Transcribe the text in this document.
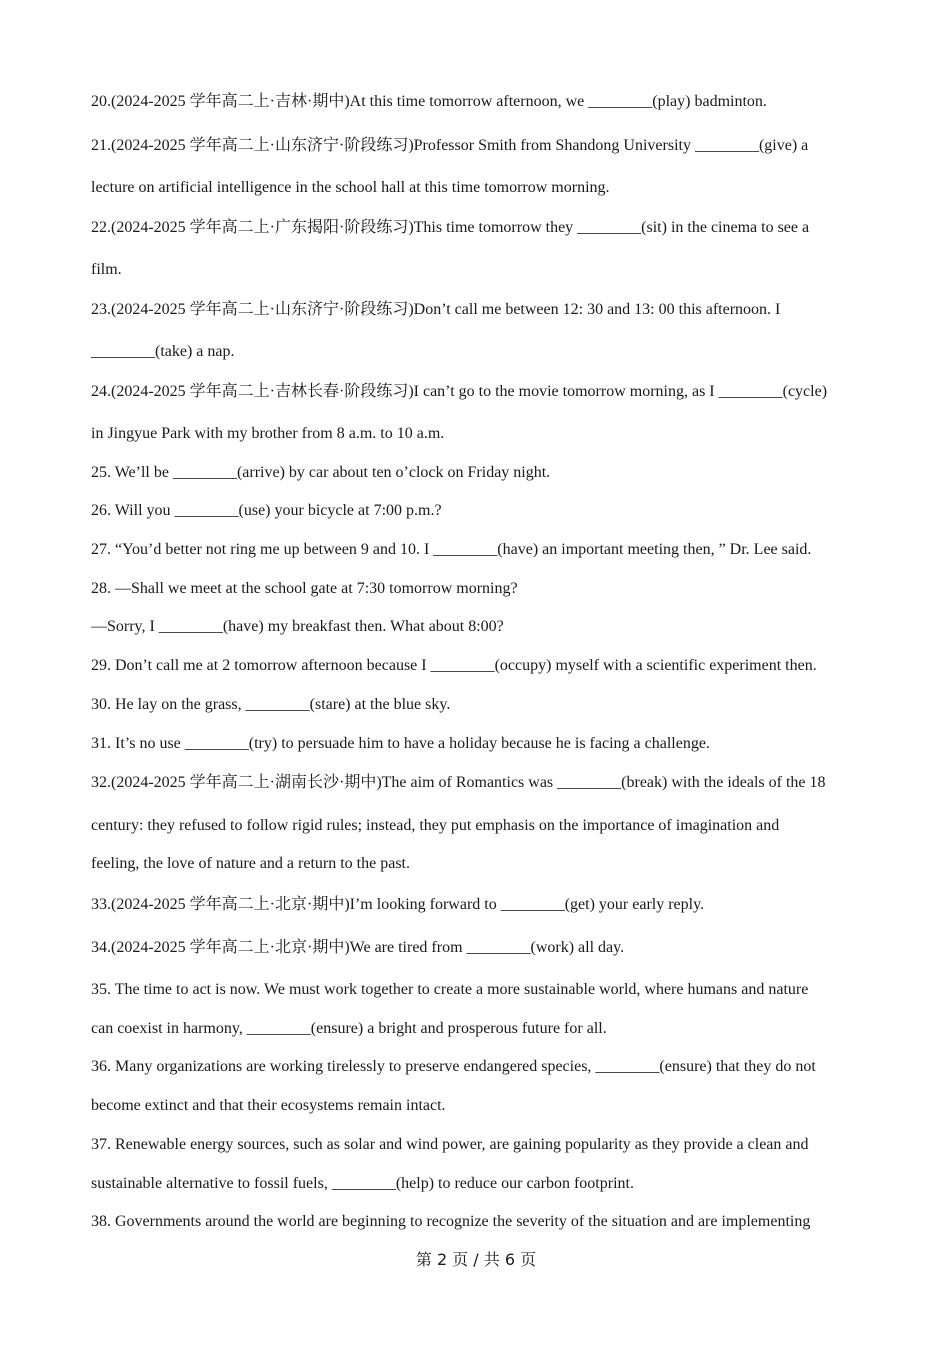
20.(2024-2025 学年高二上·吉林·期中)At this time tomorrow afternoon, we ________(play) badminton.
21.(2024-2025 学年高二上·山东济宁·阶段练习)Professor Smith from Shandong University ________(give) a
lecture on artificial intelligence in the school hall at this time tomorrow morning.
22.(2024-2025 学年高二上·广东揭阳·阶段练习)This time tomorrow they ________(sit) in the cinema to see a
film.
23.(2024-2025 学年高二上·山东济宁·阶段练习)Don’t call me between 12: 30 and 13: 00 this afternoon. I
________(take) a nap.
24.(2024-2025 学年高二上·吉林长春·阶段练习)I can’t go to the movie tomorrow morning, as I ________(cycle)
in Jingyue Park with my brother from 8 a.m. to 10 a.m.
25. We’ll be ________(arrive) by car about ten o’clock on Friday night.
26. Will you ________(use) your bicycle at 7:00 p.m.?
27. “You’d better not ring me up between 9 and 10. I ________(have) an important meeting then, ” Dr. Lee said.
28. —Shall we meet at the school gate at 7:30 tomorrow morning?
—Sorry, I ________(have) my breakfast then. What about 8:00?
29. Don’t call me at 2 tomorrow afternoon because I ________(occupy) myself with a scientific experiment then.
30. He lay on the grass, ________(stare) at the blue sky.
31. It’s no use ________(try) to persuade him to have a holiday because he is facing a challenge.
32.(2024-2025 学年高二上·湖南长沙·期中)The aim of Romantics was ________(break) with the ideals of the 18
century: they refused to follow rigid rules; instead, they put emphasis on the importance of imagination and
feeling, the love of nature and a return to the past.
33.(2024-2025 学年高二上·北京·期中)I’m looking forward to ________(get) your early reply.
34.(2024-2025 学年高二上·北京·期中)We are tired from ________(work) all day.
35. The time to act is now. We must work together to create a more sustainable world, where humans and nature
can coexist in harmony, ________(ensure) a bright and prosperous future for all.
36. Many organizations are working tirelessly to preserve endangered species, ________(ensure) that they do not
become extinct and that their ecosystems remain intact.
37. Renewable energy sources, such as solar and wind power, are gaining popularity as they provide a clean and
sustainable alternative to fossil fuels, ________(help) to reduce our carbon footprint.
38. Governments around the world are beginning to recognize the severity of the situation and are implementing
第 2 页 / 共 6 页
